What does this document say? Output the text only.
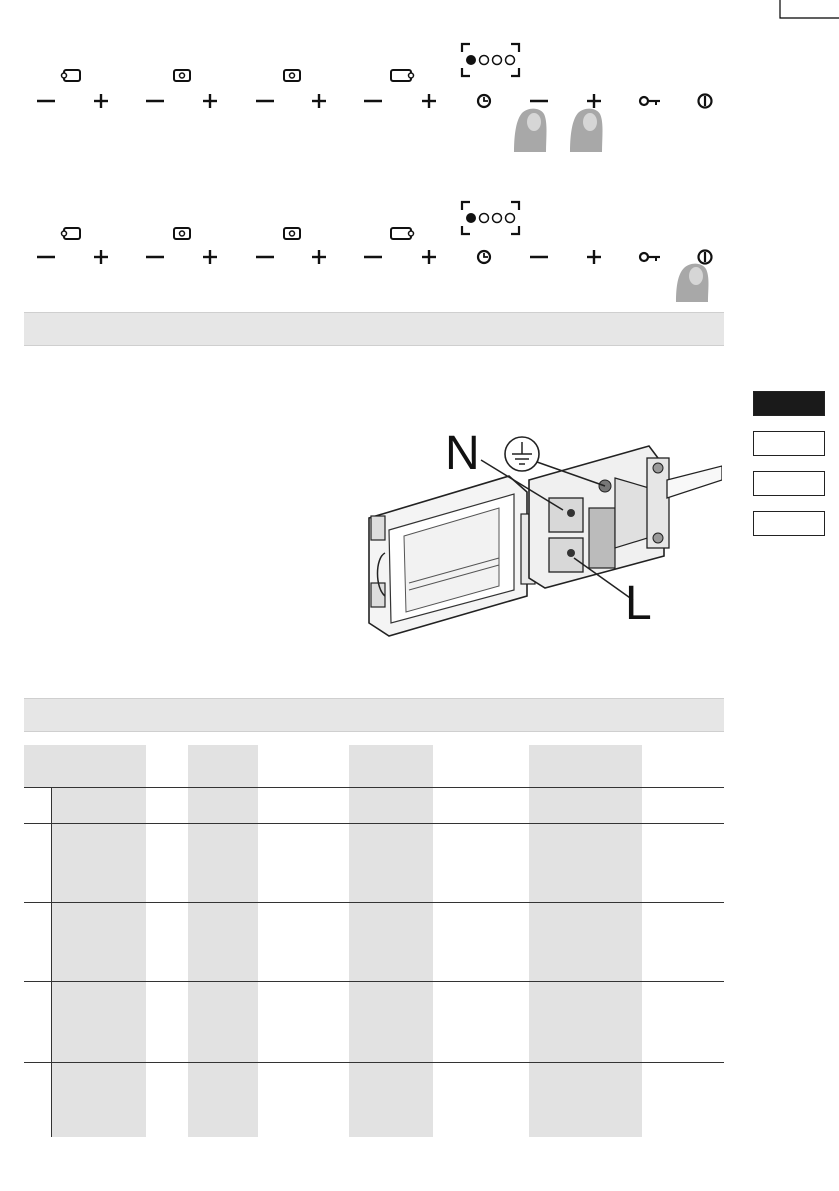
N
L
